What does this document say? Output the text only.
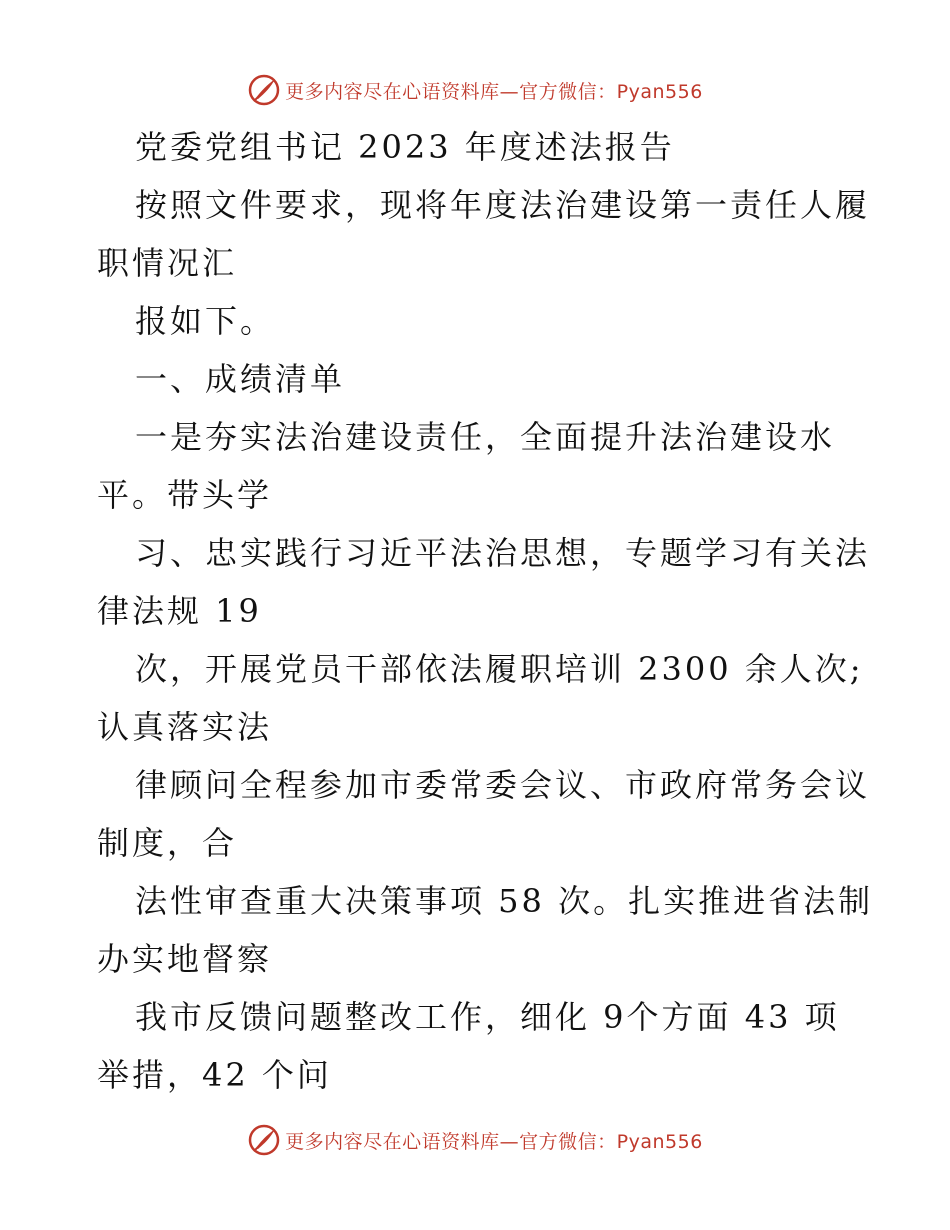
更多内容尽在心语资料库—官方微信：Pyan556
党委党组书记 2023 年度述法报告
按照文件要求，现将年度法治建设第一责任人履
职情况汇
报如下。
一、成绩清单
一是夯实法治建设责任，全面提升法治建设水
平。带头学
习、忠实践行习近平法治思想，专题学习有关法
律法规 19
次，开展党员干部依法履职培训 2300 余人次;
认真落实法
律顾问全程参加市委常委会议、市政府常务会议
制度，合
法性审查重大决策事项 58 次。扎实推进省法制
办实地督察
我市反馈问题整改工作，细化 9个方面 43 项
举措，42 个问
更多内容尽在心语资料库—官方微信：Pyan556
